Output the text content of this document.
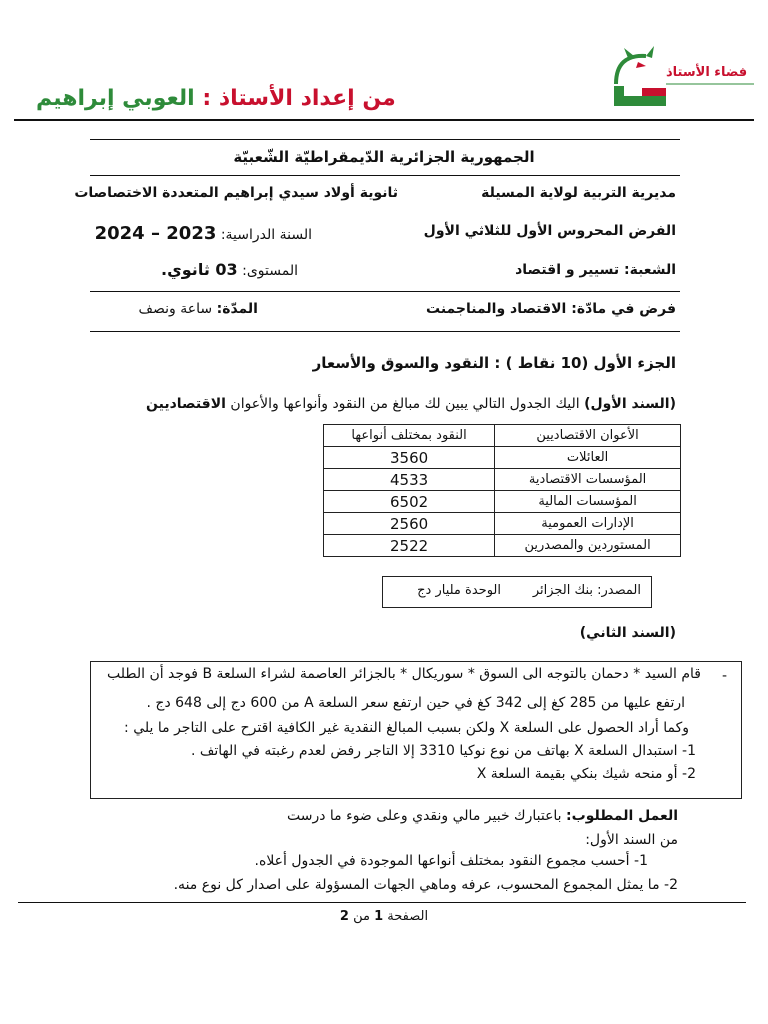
من إعداد الأستاذ : العوبي إبراهيم
فضاء الأستاذ
الجمهورية الجزائرية الدّيمقراطيّة الشّعبيّة
مديرية التربية لولاية المسيلة
ثانوية أولاد سيدي إبراهيم المتعددة الاختصاصات
الفرض المحروس الأول للثلاثي الأول
السنة الدراسية: 2023 – 2024
الشعبة: تسيير و اقتصاد
المستوى: 03 ثانوي.
فرض في مادّة: الاقتصاد والمناجمنت
المدّة: ساعة ونصف
الجزء الأول (10 نقاط ) : النقود والسوق والأسعار
(السند الأول) اليك الجدول التالي يبين لك مبالغ من النقود وأنواعها والأعوان الاقتصاديين
الأعوان الاقتصاديين	النقود بمختلف أنواعها
العائلات	3560
المؤسسات الاقتصادية	4533
المؤسسات المالية	6502
الإدارات العمومية	2560
المستوردين والمصدرين	2522
المصدر: بنك الجزائر
الوحدة مليار دج
(السند الثاني)
-
قام السيد * دحمان بالتوجه الى السوق * سوريكال * بالجزائر العاصمة لشراء السلعة B فوجد أن الطلب
ارتفع عليها من 285 كغ إلى 342 كغ في حين ارتفع سعر السلعة A من 600 دج إلى 648 دج .
وكما أراد الحصول على السلعة X ولكن بسبب المبالغ النقدية غير الكافية اقترح على التاجر ما يلي :
1- استبدال السلعة X بهاتف من نوع نوكيا 3310 إلا التاجر رفض لعدم رغبته في الهاتف .
2- أو منحه شيك بنكي بقيمة السلعة X
العمل المطلوب: باعتبارك خبير مالي ونقدي وعلى ضوء ما درست
من السند الأول:
1- أحسب مجموع النقود بمختلف أنواعها الموجودة في الجدول أعلاه.
2- ما يمثل المجموع المحسوب، عرفه وماهي الجهات المسؤولة على اصدار كل نوع منه.
الصفحة 1 من 2
